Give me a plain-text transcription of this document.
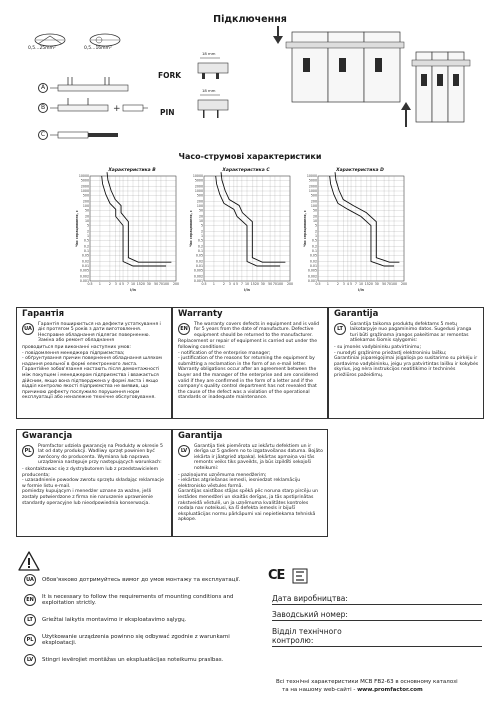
Підключення
0,5...25mm²	0,5...16mm²
A
B
C
+
FORK
PIN
18 mm
18 mm
Часо-струмові характеристики
Характеристика B	Характеристика C	Характеристика D
10000
5000
2000
1000
500
200
100
50
20
10
5
2
1
0.5
0.2
0.1
0.05
0.02
0.01
0.005
0.002
0.001
0.5 1 2 3 4 5 7 10 15 20 30 50 70 100 200
Час спрацювання, с
I/In
10000
5000
2000
1000
500
200
100
50
20
10
5
2
1
0.5
0.2
0.1
0.05
0.02
0.01
0.005
0.002
0.001
0.5 1 2 3 4 5 7 10 15 20 30 50 70 100 200
Час спрацювання, с
I/In
10000
5000
2000
1000
500
200
100
50
20
10
5
2
1
0.5
0.2
0.1
0.05
0.02
0.01
0.005
0.002
0.001
0.5 1 2 3 4 5 7 10 15 20 30 50 70 100 200
Час спрацювання, с
I/In
Гарантія
UA
Гарантія поширюється на дефекти устаткування і діє протягом 5 років з дати виготовлення. Несправне обладнання підлягає поверненню. Заміна або ремонт обладнання
проводиться при виконанні наступних умов:
- повідомлення менеджера підприємства;
- обґрунтування причин повернення обладнання шляхом надання реальної в формі електронного листа.
Гарантійне зобов'язання настають після демонтажності між покупцем і менеджером підприємства і вважається дійсним, якщо вона підтверджена у формі листа і якщо відділ контролю якості підприємства не виявив, що причиною дефекту послужило порушення норм експлуатації або неналежне технічне обслуговування.
Warranty
EN
The warranty covers defects in equipment and is valid for 5 years from the date of manufacture. Defective equipment should be returned to the manufacturer.
Replacement or repair of equipment is carried out under the following conditions:
- notification of the enterprise manager;
- justification of the reasons for returning the equipment by submitting a reclamation in the form of an e-mail letter.
Warranty obligations occur after an agreement between the buyer and the manager of the enterprise and are considered valid if they are confirmed in the form of a letter and if the company's quality control department has not revealed that the cause of the defect was a violation of the operational standards or inadequate maintenance.
Garantija
LT
Garantija taikoma produktų defektams 5 metų laikotarpyje nuo pagaminimo datos. Sugedusi įranga turi būti grąžinama įrangos pakeitimas ar remontas atliekamas šiomis sąlygomis:
- su įmonės vadybininku patvirtinimu;
- nurodyti grąžinimo priežastį elektroniniu laišku;
Garantiniai įsipareigojimai įsigalioja po susitarimo su pirkėju ir pardavimo vadybininku, jeigu yra patvirtintas laišku ir kokybės skyrius, jog nėra instrukcijos neatitikimo ir techninės priežiūros pažeidimų.
Gwarancja
PL
Promfactor udziela gwarancję na Produkty w okresie 5 lat od daty produkcji. Wadliwy sprzęt powinien być zwrócony do producenta. Wymiana lub naprawa urządzenia następuje przy następujących warunkach:
- skontaktowac się z dystrybutorem lub z przedstawicielem producenta;
- uzasadnienie powodow zwrotu sprzętu składając reklamacje w formie listu e-mail.
pomiedzy kupującym i menedżer uznane za ważne, jeśli zostały potwierdzone z firma nie naruszenie uprawnienie standardy operacyjne lub nieodpowiednia konserwacja.
Garantija
LV
Garantija tiek piemērota uz iekārtu defektiem un ir derīga uz 5 gadiem no to izgatavošanas datuma. Bojāto iekārta ir jāatgriež atpakaļ. Iekārtas apmaiņa vai tās remonts veiks tiks paveikts, ja būs izpildīti sekojoši noteikumi:
- paziņojums uzņēmuma menedžerim;
- iekārtas atgriešanas iemesli, iesniedzot reklamāciju elektronisko vēstules formā.
Garantijas saistības stājas spēkā pēc noruna starp pircēju un iestādes menedžeri un skaitās derīgas, ja tās apstiprinātas rakstveidā vēstulē, un ja uzņēmuma kvalitātes kontroles nodaļa nav noteikusi, ka šī defekta iemesls ir bijušī ekspluatācijas normu pārkāpumi vai nepietiekama tehniskā apkope.
UA	Обов'язково дотримуйтесь вимог до умов монтажу та експлуатації.
EN	It is necessary to follow the requirements of mounting conditions and exploitation strictly.
LT	Griežtai laikytis montavimo ir eksploatavimo sąlygų.
PL	Użytkowanie urządzenia powinno się odbywać zgodnie z warunkami eksploatacji.
LV	Stingri ievērojiet montāžas un ekspluatācijas noteikumu prasības.
CE
Дата виробництва:
Заводський номер:
Відділ технічного контролю:
Всі технічні характеристики MCB FB2-63 в основному каталозі
та на нашому web-сайті - www.promfactor.com
